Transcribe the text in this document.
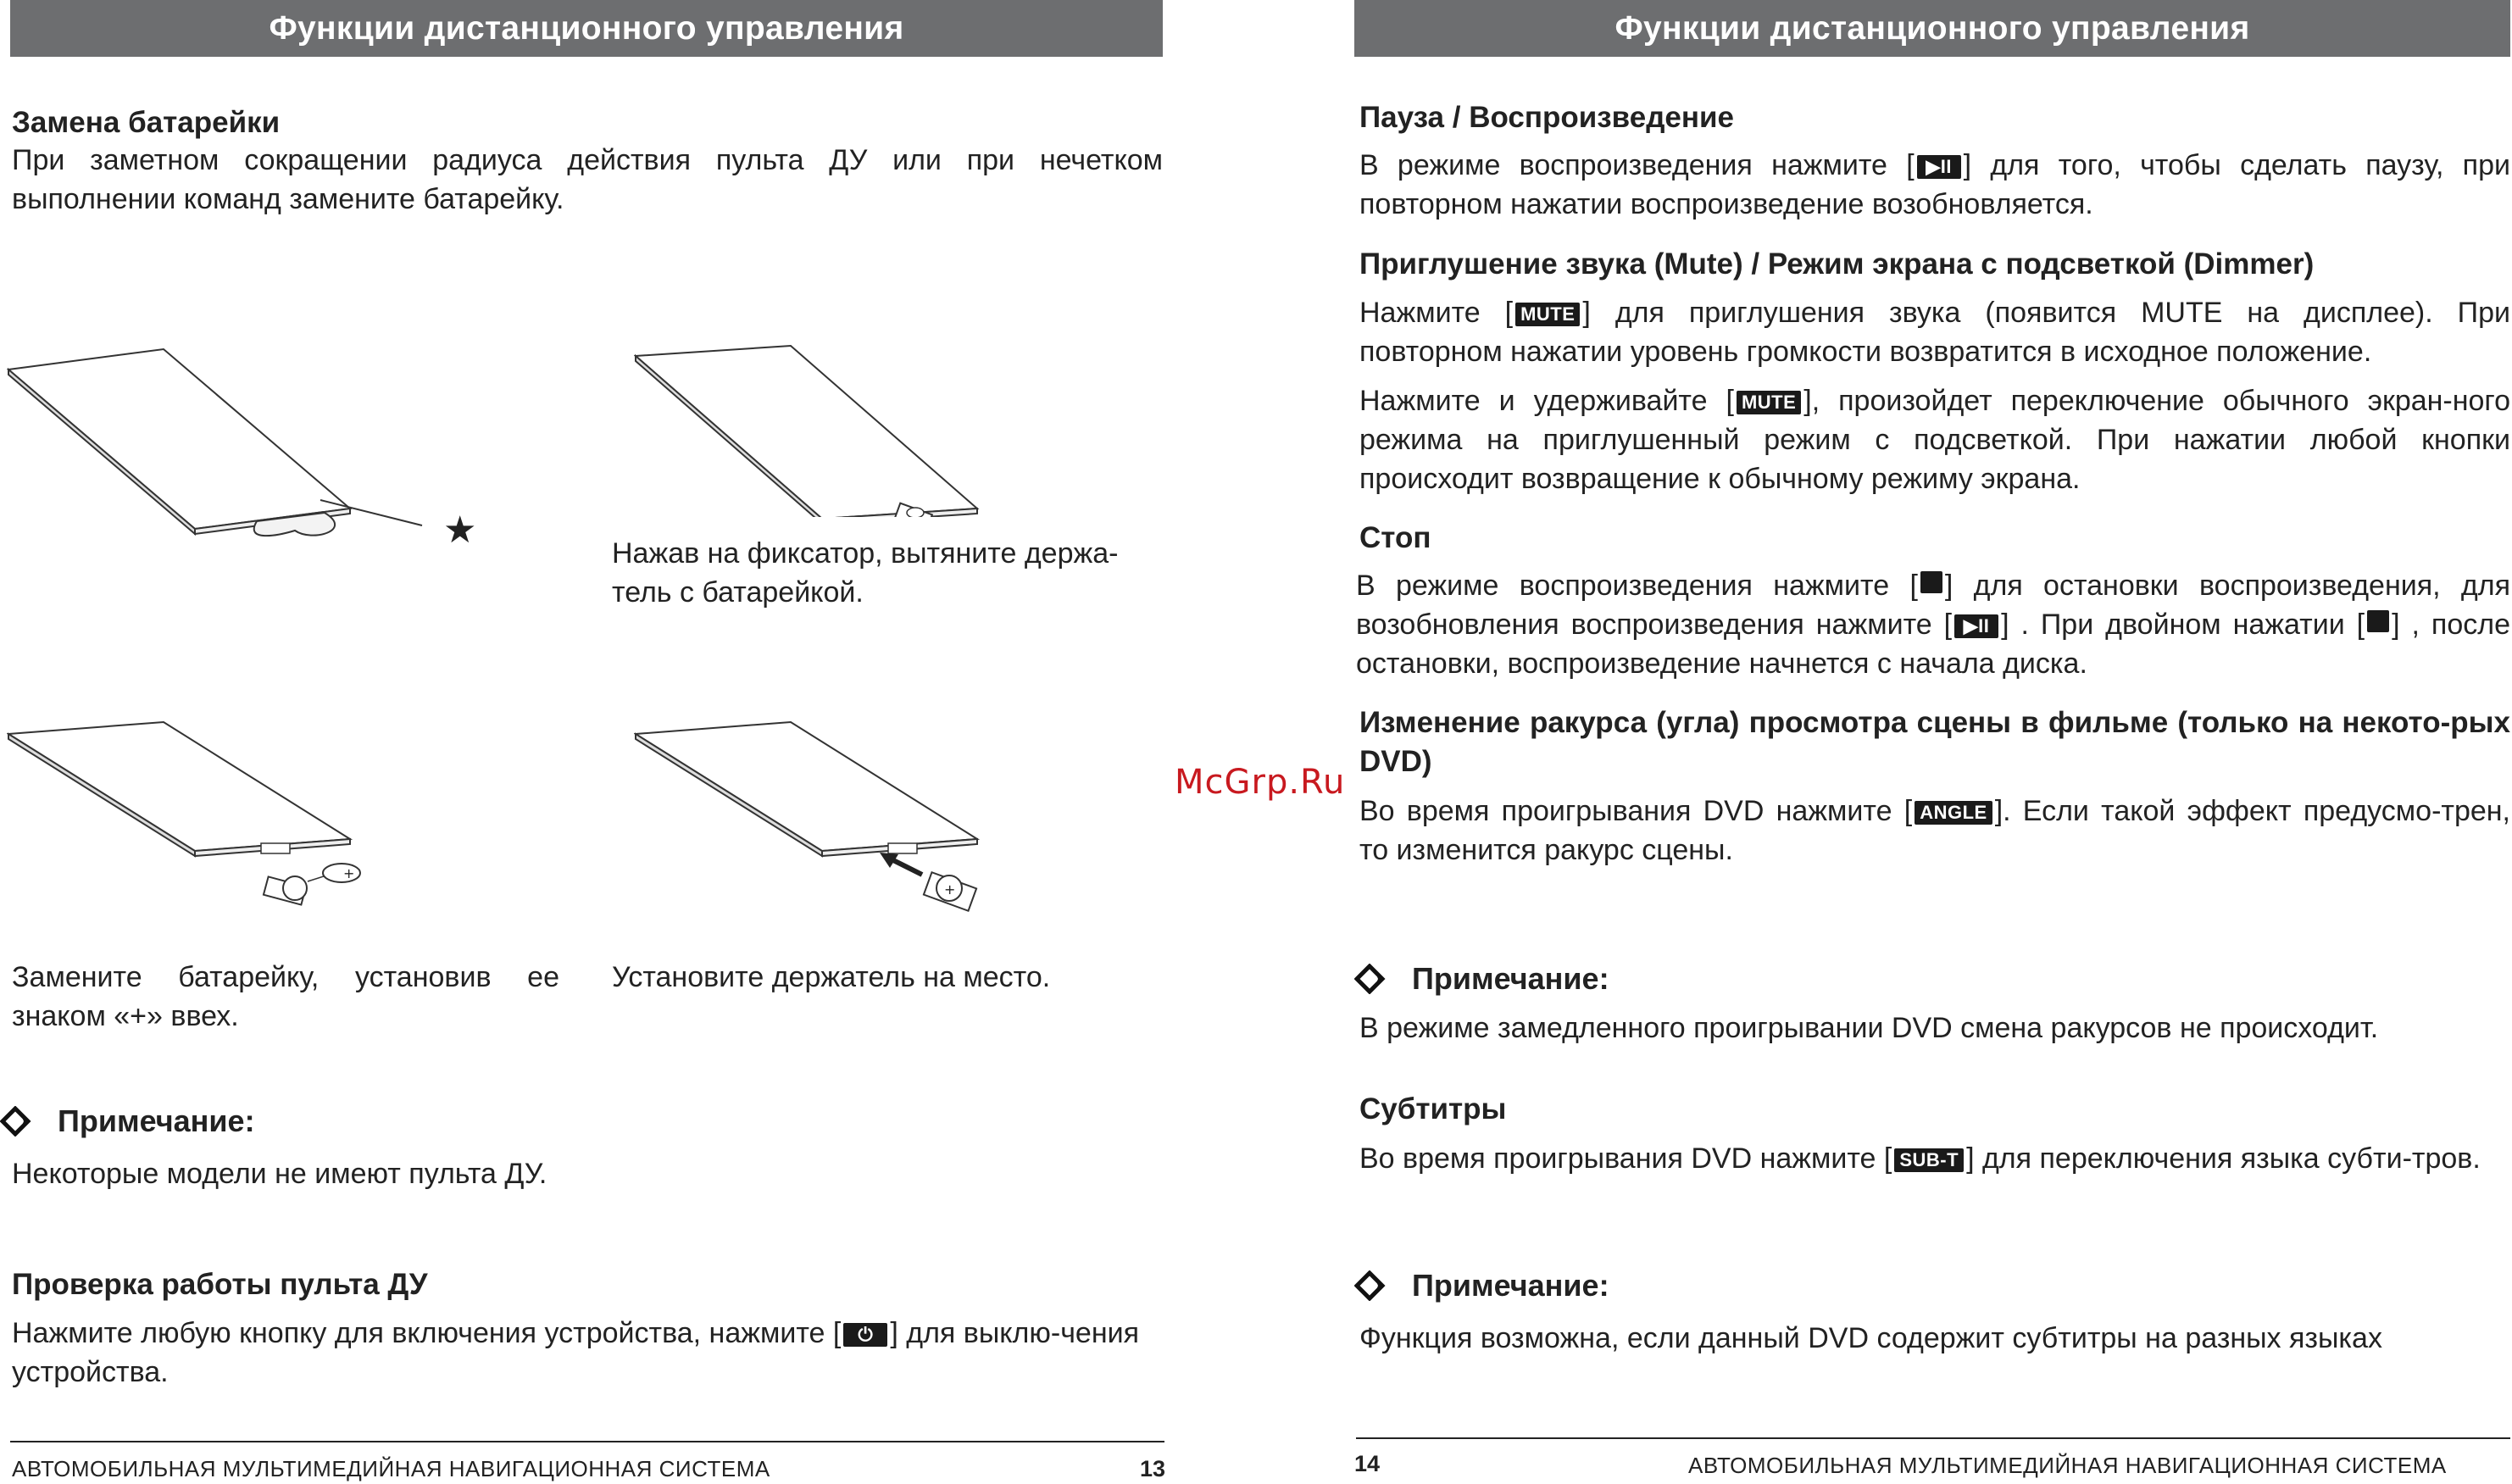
Функции дистанционного управления
Замена батарейки
При заметном сокращении радиуса действия пульта ДУ или при нечетком выполнении команд замените батарейку.
★
Нажав на фиксатор, вытяните держа-тель с батарейкой.
+
+
Замените батарейку, установив ее знаком «+» ввех.
Установите держатель на место.
Примечание:
Некоторые модели не имеют пульта ДУ.
Проверка работы пульта ДУ
Нажмите любую кнопку для включения устройства, нажмите [ ⏻ ] для выклю-чения устройства.
АВТОМОБИЛЬНАЯ МУЛЬТИМЕДИЙНАЯ НАВИГАЦИОННАЯ СИСТЕМА	13
McGrp.Ru
Функции дистанционного управления
Пауза / Воспроизведение
В режиме воспроизведения нажмите [ ▶II ] для того, чтобы сделать паузу, при повторном нажатии воспроизведение возобновляется.
Приглушение звука (Mute) / Режим экрана с подсветкой (Dimmer)
Нажмите [ MUTE ] для приглушения звука (появится MUTE на дисплее). При повторном нажатии уровень громкости возвратится в исходное положение.
Нажмите и удерживайте [ MUTE ], произойдет переключение обычного экран-ного режима на приглушенный режим с подсветкой. При нажатии любой кнопки происходит возвращение к обычному режиму экрана.
Стоп
В режиме воспроизведения нажмите [ ] для остановки воспроизведения, для возобновления воспроизведения нажмите [ ▶II ] . При двойном нажатии [ ] , после остановки, воспроизведение начнется с начала диска.
Изменение ракурса (угла) просмотра сцены в фильме (только на некото-рых DVD)
Во время проигрывания DVD нажмите [ ANGLE ]. Если такой эффект предусмо-трен, то изменится ракурс сцены.
Примечание:
В режиме замедленного проигрывании DVD смена ракурсов не происходит.
Субтитры
Во время проигрывания DVD нажмите [ SUB-T ] для переключения языка субти-тров.
Примечание:
Функция возможна, если данный DVD содержит субтитры на разных языках
14	АВТОМОБИЛЬНАЯ МУЛЬТИМЕДИЙНАЯ НАВИГАЦИОННАЯ СИСТЕМА
